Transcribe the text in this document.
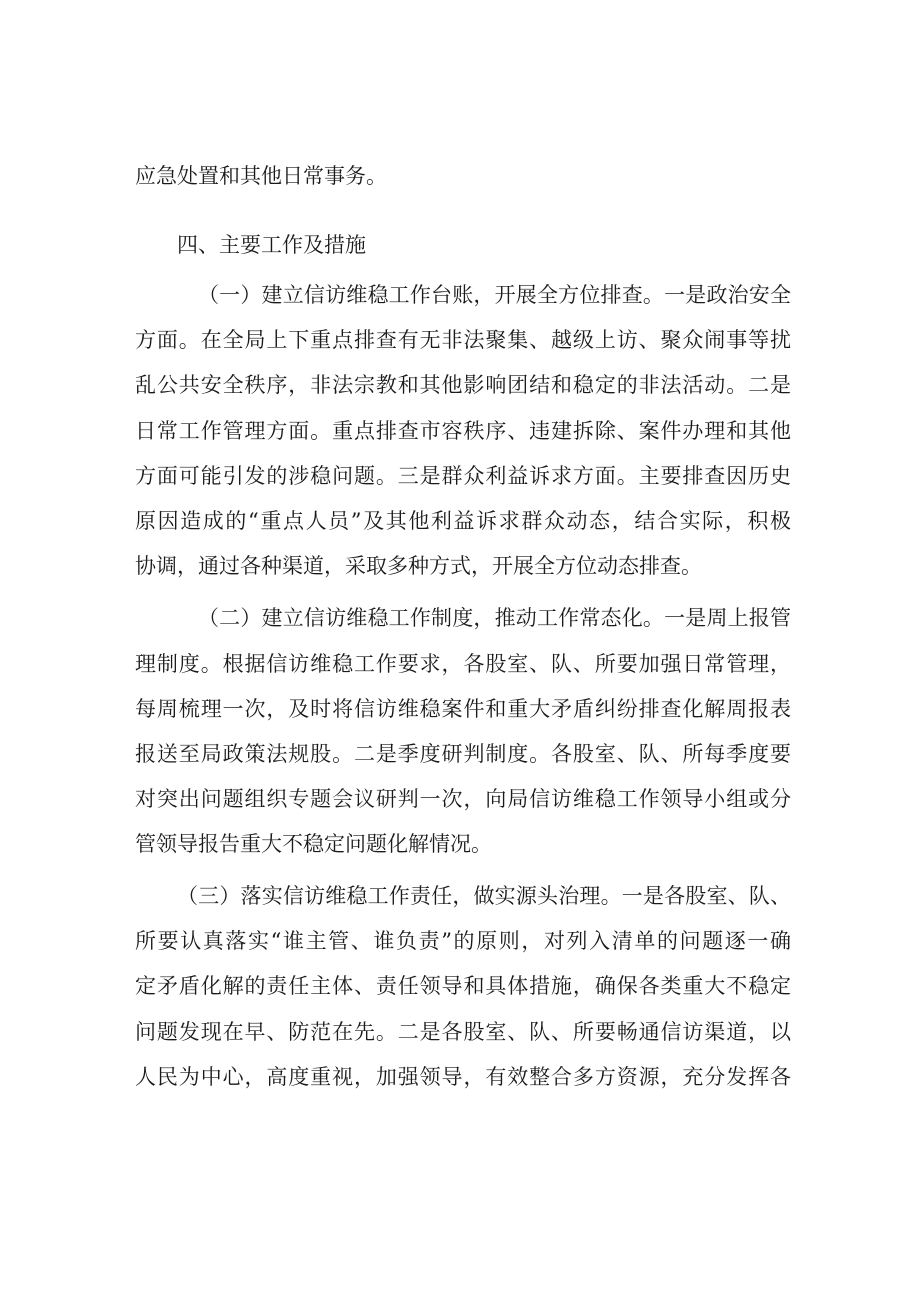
应急处置和其他日常事务。
四、主要工作及措施
（一）建立信访维稳工作台账，开展全方位排查。一是政治安全
方面。在全局上下重点排查有无非法聚集、越级上访、聚众闹事等扰
乱公共安全秩序，非法宗教和其他影响团结和稳定的非法活动。二是
日常工作管理方面。重点排查市容秩序、违建拆除、案件办理和其他
方面可能引发的涉稳问题。三是群众利益诉求方面。主要排查因历史
原因造成的“重点人员”及其他利益诉求群众动态，结合实际，积极
协调，通过各种渠道，采取多种方式，开展全方位动态排查。
（二）建立信访维稳工作制度，推动工作常态化。一是周上报管
理制度。根据信访维稳工作要求，各股室、队、所要加强日常管理，
每周梳理一次，及时将信访维稳案件和重大矛盾纠纷排查化解周报表
报送至局政策法规股。二是季度研判制度。各股室、队、所每季度要
对突出问题组织专题会议研判一次，向局信访维稳工作领导小组或分
管领导报告重大不稳定问题化解情况。
（三）落实信访维稳工作责任，做实源头治理。一是各股室、队、
所要认真落实“谁主管、谁负责”的原则，对列入清单的问题逐一确
定矛盾化解的责任主体、责任领导和具体措施，确保各类重大不稳定
问题发现在早、防范在先。二是各股室、队、所要畅通信访渠道，以
人民为中心，高度重视，加强领导，有效整合多方资源，充分发挥各
